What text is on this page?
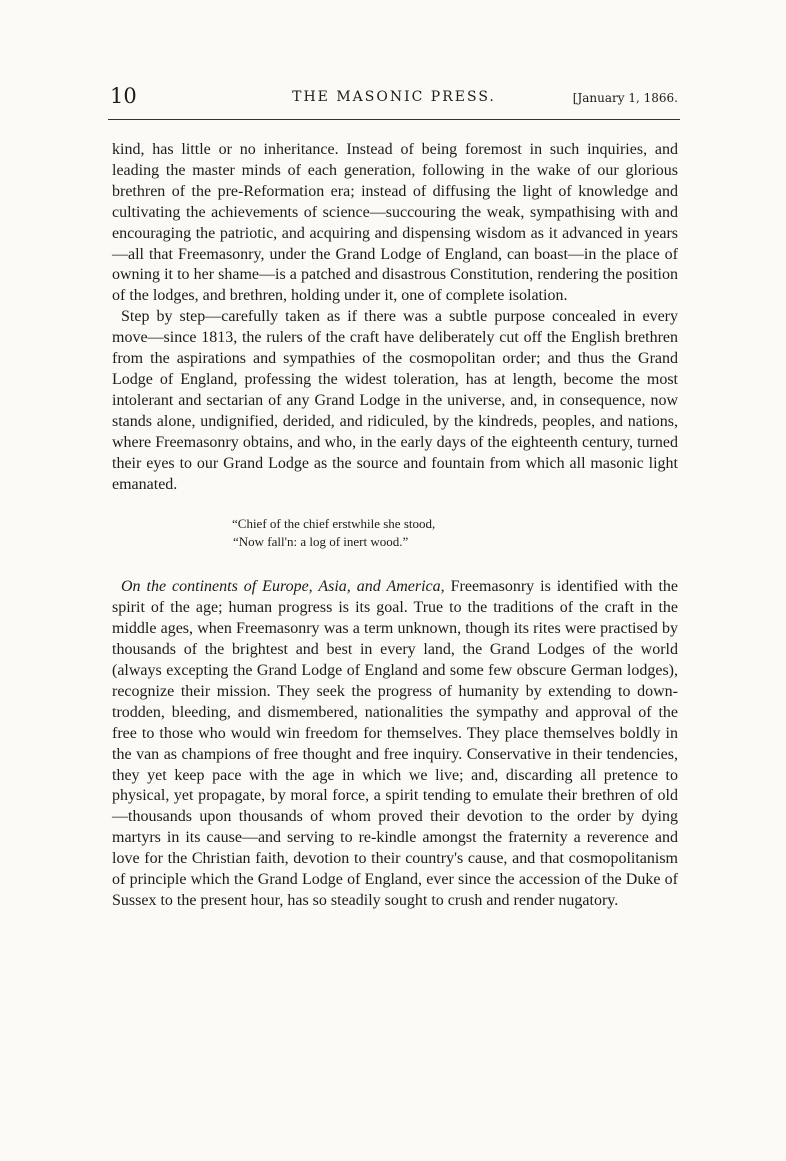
10	THE MASONIC PRESS.	[January 1, 1866.

kind, has little or no inheritance. Instead of being foremost in such inquiries, and leading the master minds of each generation, following in the wake of our glorious brethren of the pre-Reformation era; instead of diffusing the light of knowledge and cultivating the achievements of science—succouring the weak, sympathising with and encouraging the patriotic, and acquiring and dispensing wisdom as it advanced in years—all that Freemasonry, under the Grand Lodge of England, can boast—in the place of owning it to her shame—is a patched and disastrous Constitution, rendering the position of the lodges, and brethren, holding under it, one of complete isolation.

Step by step—carefully taken as if there was a subtle purpose concealed in every move—since 1813, the rulers of the craft have deliberately cut off the English brethren from the aspirations and sympathies of the cosmopolitan order; and thus the Grand Lodge of England, professing the widest toleration, has at length, become the most intolerant and sectarian of any Grand Lodge in the universe, and, in consequence, now stands alone, undignified, derided, and ridiculed, by the kindreds, peoples, and nations, where Freemasonry obtains, and who, in the early days of the eighteenth century, turned their eyes to our Grand Lodge as the source and fountain from which all masonic light emanated.

“Chief of the chief erstwhile she stood,
“Now fall'n: a log of inert wood.”

On the continents of Europe, Asia, and America, Freemasonry is identified with the spirit of the age; human progress is its goal. True to the traditions of the craft in the middle ages, when Freemasonry was a term unknown, though its rites were practised by thousands of the brightest and best in every land, the Grand Lodges of the world (always excepting the Grand Lodge of England and some few obscure German lodges), recognize their mission. They seek the progress of humanity by extending to down-trodden, bleeding, and dismembered, nationalities the sympathy and approval of the free to those who would win freedom for themselves. They place themselves boldly in the van as champions of free thought and free inquiry. Conservative in their tendencies, they yet keep pace with the age in which we live; and, discarding all pretence to physical, yet propagate, by moral force, a spirit tending to emulate their brethren of old—thousands upon thousands of whom proved their devotion to the order by dying martyrs in its cause—and serving to re-kindle amongst the fraternity a reverence and love for the Christian faith, devotion to their country's cause, and that cosmopolitanism of principle which the Grand Lodge of England, ever since the accession of the Duke of Sussex to the present hour, has so steadily sought to crush and render nugatory.
